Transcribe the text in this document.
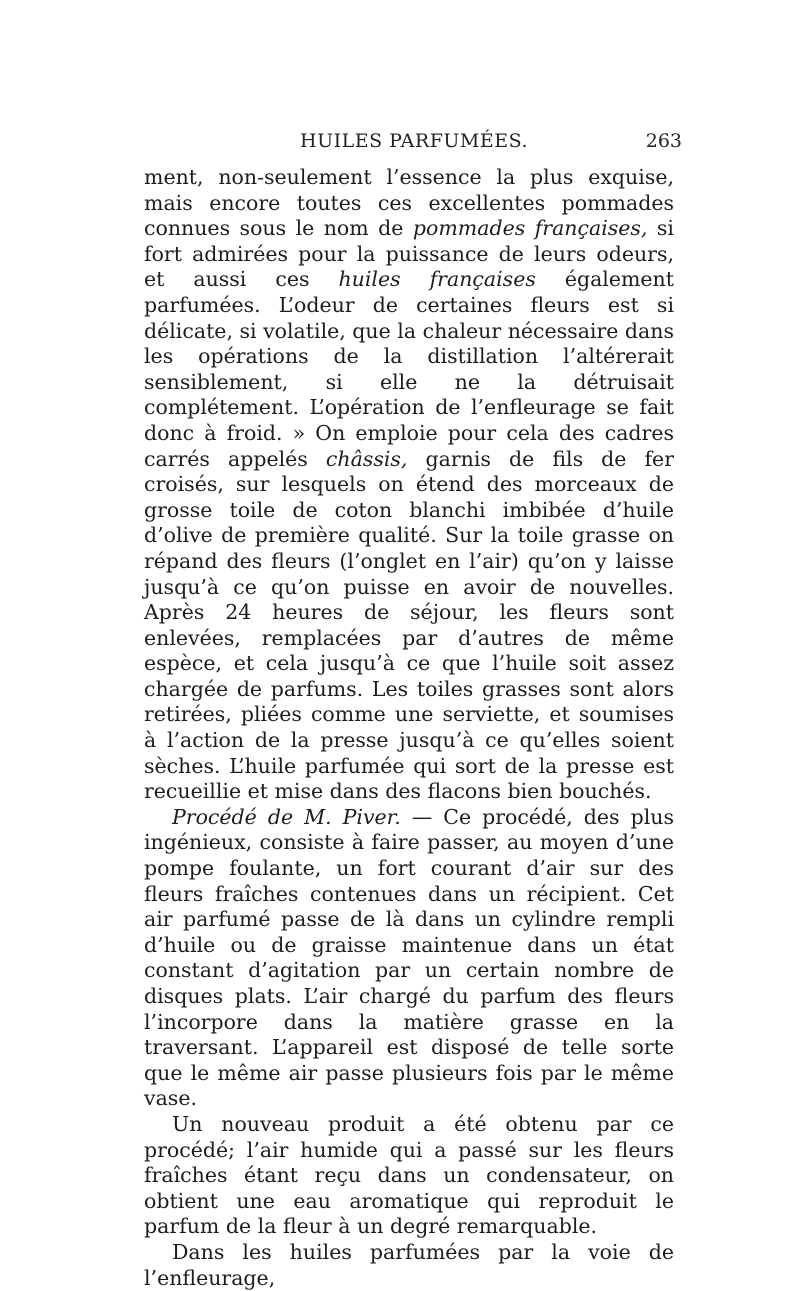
HUILES PARFUMÉES.	263

ment, non-seulement l’essence la plus exquise, mais encore toutes ces excellentes pommades connues sous le nom de pommades françaises, si fort admirées pour la puissance de leurs odeurs, et aussi ces huiles françaises également parfumées. L’odeur de certaines fleurs est si délicate, si volatile, que la chaleur nécessaire dans les opérations de la distillation l’altérerait sensiblement, si elle ne la détruisait complétement. L’opération de l’enfleurage se fait donc à froid. » On emploie pour cela des cadres carrés appelés châssis, garnis de fils de fer croisés, sur lesquels on étend des morceaux de grosse toile de coton blanchi imbibée d’huile d’olive de première qualité. Sur la toile grasse on répand des fleurs (l’onglet en l’air) qu’on y laisse jusqu’à ce qu’on puisse en avoir de nouvelles. Après 24 heures de séjour, les fleurs sont enlevées, remplacées par d’autres de même espèce, et cela jusqu’à ce que l’huile soit assez chargée de parfums. Les toiles grasses sont alors retirées, pliées comme une serviette, et soumises à l’action de la presse jusqu’à ce qu’elles soient sèches. L’huile parfumée qui sort de la presse est recueillie et mise dans des flacons bien bouchés.

Procédé de M. Piver. — Ce procédé, des plus ingénieux, consiste à faire passer, au moyen d’une pompe foulante, un fort courant d’air sur des fleurs fraîches contenues dans un récipient. Cet air parfumé passe de là dans un cylindre rempli d’huile ou de graisse maintenue dans un état constant d’agitation par un certain nombre de disques plats. L’air chargé du parfum des fleurs l’incorpore dans la matière grasse en la traversant. L’appareil est disposé de telle sorte que le même air passe plusieurs fois par le même vase.

Un nouveau produit a été obtenu par ce procédé; l’air humide qui a passé sur les fleurs fraîches étant reçu dans un condensateur, on obtient une eau aromatique qui reproduit le parfum de la fleur à un degré remarquable.

Dans les huiles parfumées par la voie de l’enfleurage,
